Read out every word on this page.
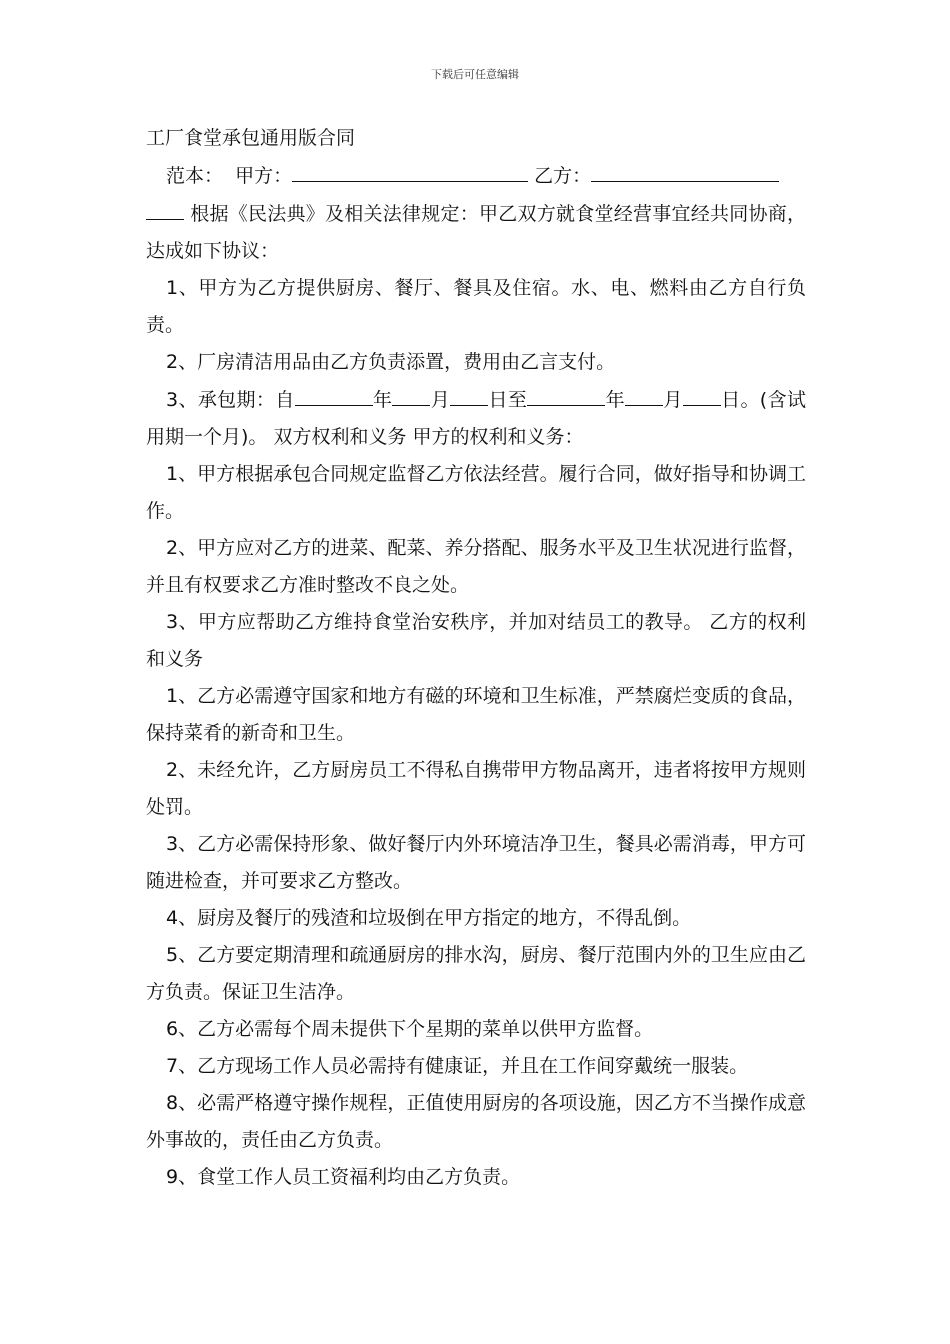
下载后可任意编辑
工厂食堂承包通用版合同

范本： 甲方：	乙方：

根据《民法典》及相关法律规定：甲乙双方就食堂经营事宜经共同协商，达成如下协议：

1、甲方为乙方提供厨房、餐厅、餐具及住宿。水、电、燃料由乙方自行负责。

2、厂房清洁用品由乙方负责添置，费用由乙言支付。

3、承包期：自	年 月 日至	年 月 日。(含试用期一个月)。 双方权利和义务 甲方的权利和义务：

1、甲方根据承包合同规定监督乙方依法经营。履行合同，做好指导和协调工作。

2、甲方应对乙方的进菜、配菜、养分搭配、服务水平及卫生状况进行监督，并且有权要求乙方准时整改不良之处。

3、甲方应帮助乙方维持食堂治安秩序，并加对结员工的教导。 乙方的权利和义务

1、乙方必需遵守国家和地方有磁的环境和卫生标准，严禁腐烂变质的食品，保持菜肴的新奇和卫生。

2、未经允许，乙方厨房员工不得私自携带甲方物品离开，违者将按甲方规则处罚。

3、乙方必需保持形象、做好餐厅内外环境洁净卫生，餐具必需消毒，甲方可随进检查，并可要求乙方整改。

4、厨房及餐厅的残渣和垃圾倒在甲方指定的地方，不得乱倒。

5、乙方要定期清理和疏通厨房的排水沟，厨房、餐厅范围内外的卫生应由乙方负责。保证卫生洁净。

6、乙方必需每个周未提供下个星期的菜单以供甲方监督。

7、乙方现场工作人员必需持有健康证，并且在工作间穿戴统一服装。

8、必需严格遵守操作规程，正值使用厨房的各项设施，因乙方不当操作成意外事故的，责任由乙方负责。

9、食堂工作人员工资福利均由乙方负责。
